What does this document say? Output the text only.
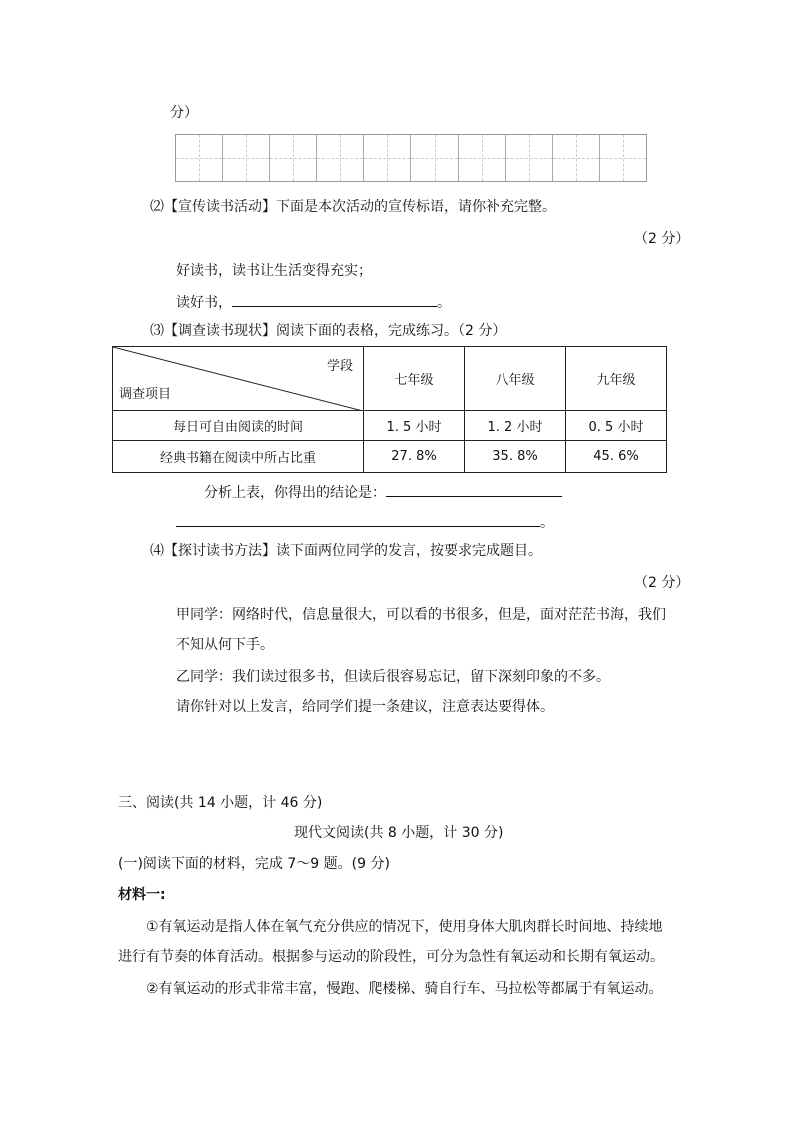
分）
⑵【宣传读书活动】下面是本次活动的宣传标语，请你补充完整。
（2 分）
好读书，读书让生活变得充实；
读好书，	。
⑶【调查读书现状】阅读下面的表格，完成练习。（2 分）
学段
调查项目	七年级	八年级	九年级
每日可自由阅读的时间	1. 5 小时	1. 2 小时	0. 5 小时
经典书籍在阅读中所占比重	27. 8%	35. 8%	45. 6%
分析上表，你得出的结论是：
。
⑷【探讨读书方法】读下面两位同学的发言，按要求完成题目。
（2 分）
甲同学：网络时代，信息量很大，可以看的书很多，但是，面对茫茫书海，我们
不知从何下手。
乙同学：我们读过很多书，但读后很容易忘记，留下深刻印象的不多。
请你针对以上发言，给同学们提一条建议，注意表达要得体。
三、阅读(共 14 小题，计 46 分)
现代文阅读(共 8 小题，计 30 分)
(一)阅读下面的材料，完成 7～9 题。(9 分)
材料一:
①有氧运动是指人体在氧气充分供应的情况下，使用身体大肌肉群长时间地、持续地
进行有节奏的体育活动。根据参与运动的阶段性，可分为急性有氧运动和长期有氧运动。
②有氧运动的形式非常丰富，慢跑、爬楼梯、骑自行车、马拉松等都属于有氧运动。
